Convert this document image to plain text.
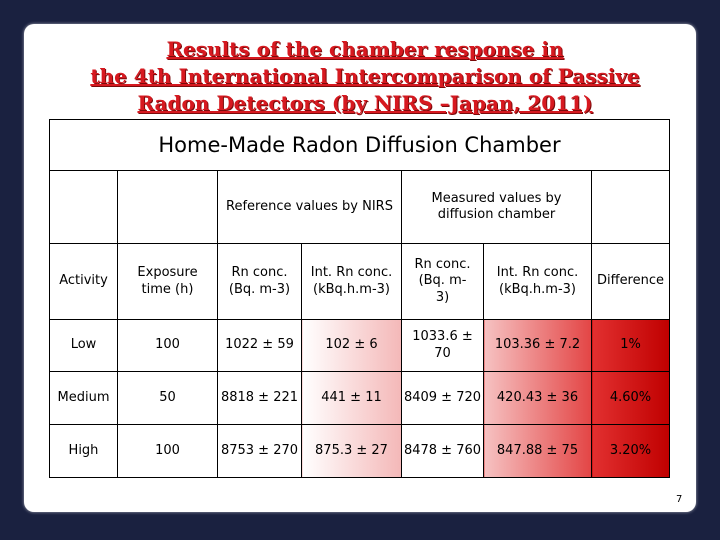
Results of the chamber response in
the 4th International Intercomparison of Passive
Radon Detectors (by NIRS –Japan, 2011)
Home-Made Radon Diffusion Chamber						
		Reference values by NIRS		Measured values by diffusion chamber		
Activity	Exposure time (h)	Rn conc. (Bq. m-3)	Int. Rn conc. (kBq.h.m-3)	Rn conc. (Bq. m-3)	Int. Rn conc. (kBq.h.m-3)	Difference
Low	100	1022 ± 59	102 ± 6	1033.6 ± 70	103.36 ± 7.2	1%
Medium	50	8818 ± 221	441 ± 11	8409 ± 720	420.43 ± 36	4.60%
High	100	8753 ± 270	875.3 ± 27	8478 ± 760	847.88 ± 75	3.20%
7
